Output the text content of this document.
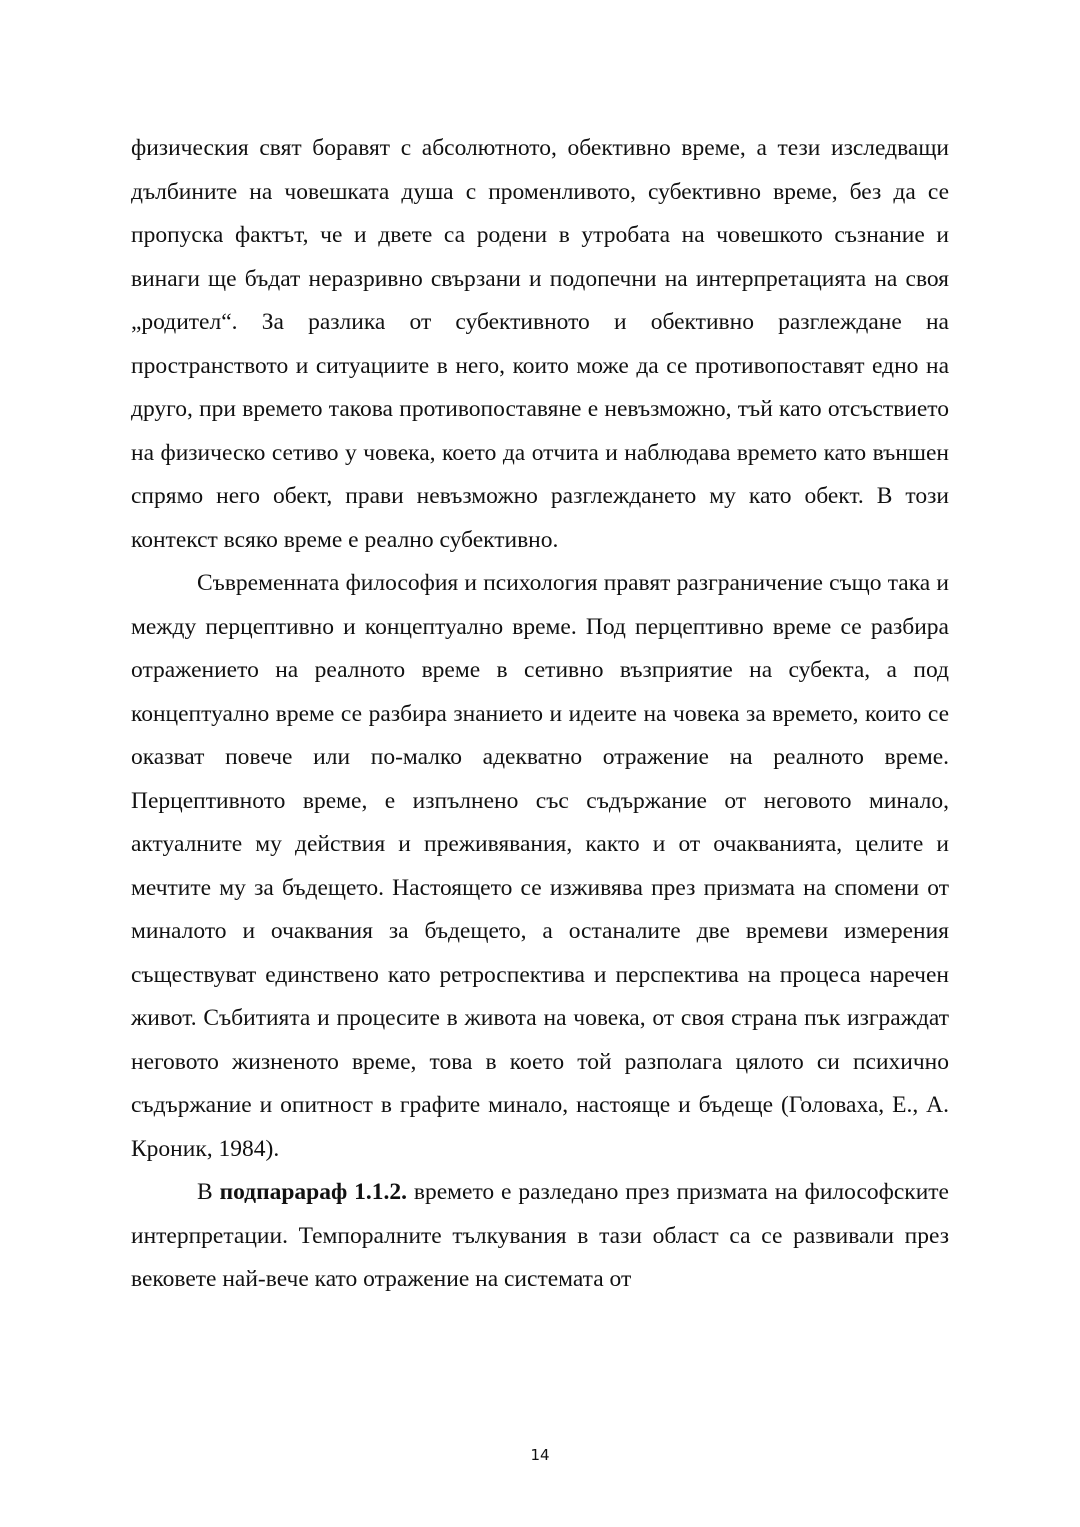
физическия свят боравят с абсолютното, обективно време, а тези изследващи дълбините на човешката душа с променливото, субективно време, без да се пропуска фактът, че и двете са родени в утробата на човешкото съзнание и винаги ще бъдат неразривно свързани и подопечни на интерпретацията на своя „родител“. За разлика от субективното и обективно разглеждане на пространството и ситуациите в него, които може да се противопоставят едно на друго, при времето такова противопоставяне е невъзможно, тъй като отсъствието на физическо сетиво у човека, което да отчита и наблюдава времето като външен спрямо него обект, прави невъзможно разглеждането му като обект. В този контекст всяко време е реално субективно.

Съвременната философия и психология правят разграничение също така и между перцептивно и концептуално време. Под перцептивно време се разбира отражението на реалното време в сетивно възприятие на субекта, а под концептуално време се разбира знанието и идеите на човека за времето, които се оказват повече или по-малко адекватно отражение на реалното време. Перцептивното време, е изпълнено със съдържание от неговото минало, актуалните му действия и преживявания, както и от очакванията, целите и мечтите му за бъдещето. Настоящето се изживява през призмата на спомени от миналото и очаквания за бъдещето, а останалите две времеви измерения съществуват единствено като ретроспектива и перспектива на процеса наречен живот. Събитията и процесите в живота на човека, от своя страна пък изграждат неговото жизненото време, това в което той разполага цялото си психично съдържание и опитност в графите минало, настояще и бъдеще (Головаха, Е., А. Кроник, 1984).

В подпарараф 1.1.2. времето е разледано през призмата на философските интерпретации. Темпоралните тълкувания в тази област са се развивали през вековете най-вече като отражение на системата от

14
